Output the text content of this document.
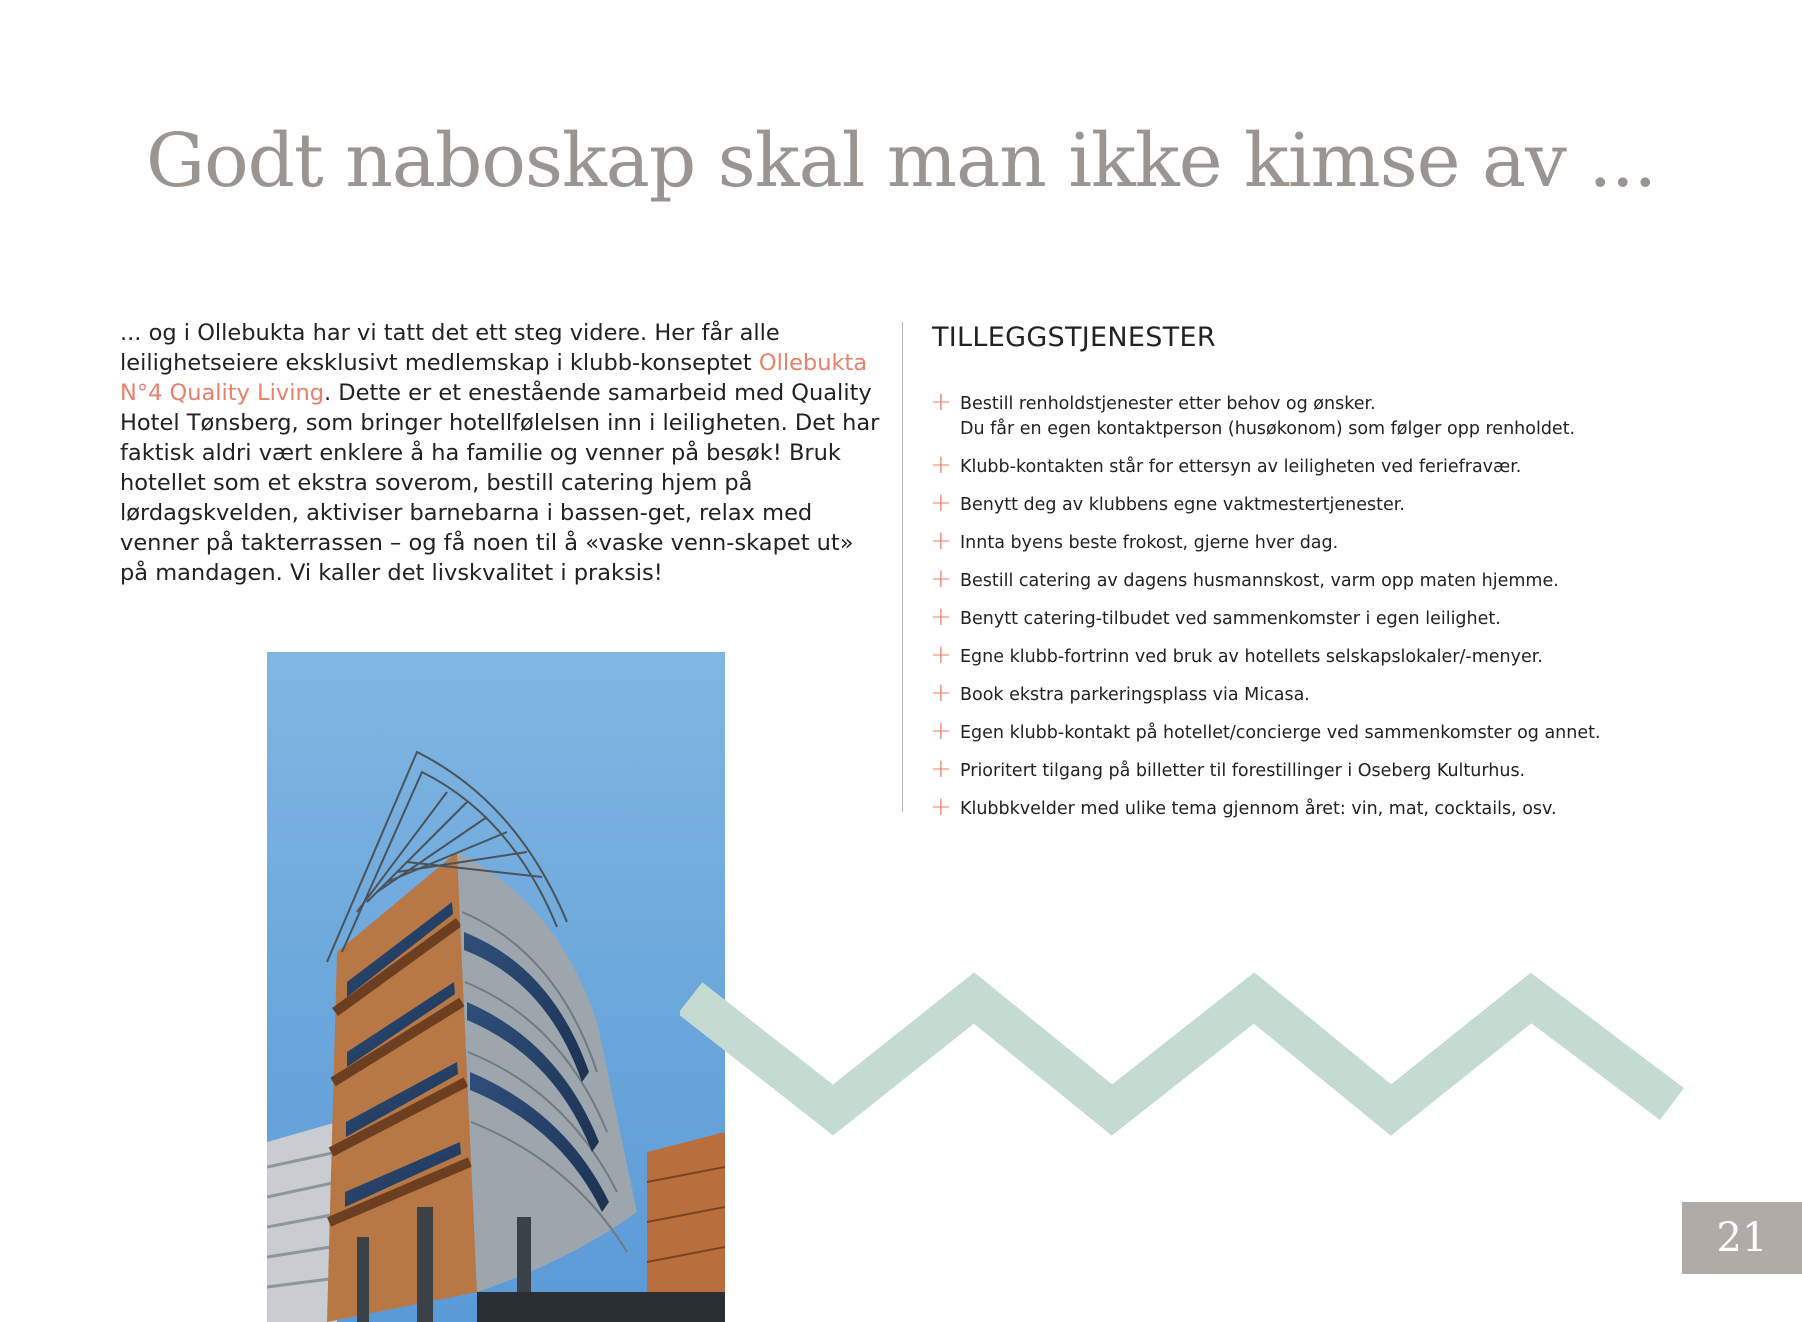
Godt naboskap skal man ikke kimse av ...

... og i Ollebukta har vi tatt det ett steg videre. Her får alle leilighetseiere eksklusivt medlemskap i klubb-konseptet Ollebukta N°4 Quality Living. Dette er et enestående samarbeid med Quality Hotel Tønsberg, som bringer hotellfølelsen inn i leiligheten. Det har faktisk aldri vært enklere å ha familie og venner på besøk! Bruk hotellet som et ekstra soverom, bestill catering hjem på lørdagskvelden, aktiviser barnebarna i bassen-get, relax med venner på takterrassen – og få noen til å «vaske venn-skapet ut» på mandagen. Vi kaller det livskvalitet i praksis!

TILLEGGSTJENESTER
+ Bestill renholdstjenester etter behov og ønsker.
Du får en egen kontaktperson (husøkonom) som følger opp renholdet.
+ Klubb-kontakten står for ettersyn av leiligheten ved feriefravær.
+ Benytt deg av klubbens egne vaktmestertjenester.
+ Innta byens beste frokost, gjerne hver dag.
+ Bestill catering av dagens husmannskost, varm opp maten hjemme.
+ Benytt catering-tilbudet ved sammenkomster i egen leilighet.
+ Egne klubb-fortrinn ved bruk av hotellets selskapslokaler/-menyer.
+ Book ekstra parkeringsplass via Micasa.
+ Egen klubb-kontakt på hotellet/concierge ved sammenkomster og annet.
+ Prioritert tilgang på billetter til forestillinger i Oseberg Kulturhus.
+ Klubbkvelder med ulike tema gjennom året: vin, mat, cocktails, osv.
21
